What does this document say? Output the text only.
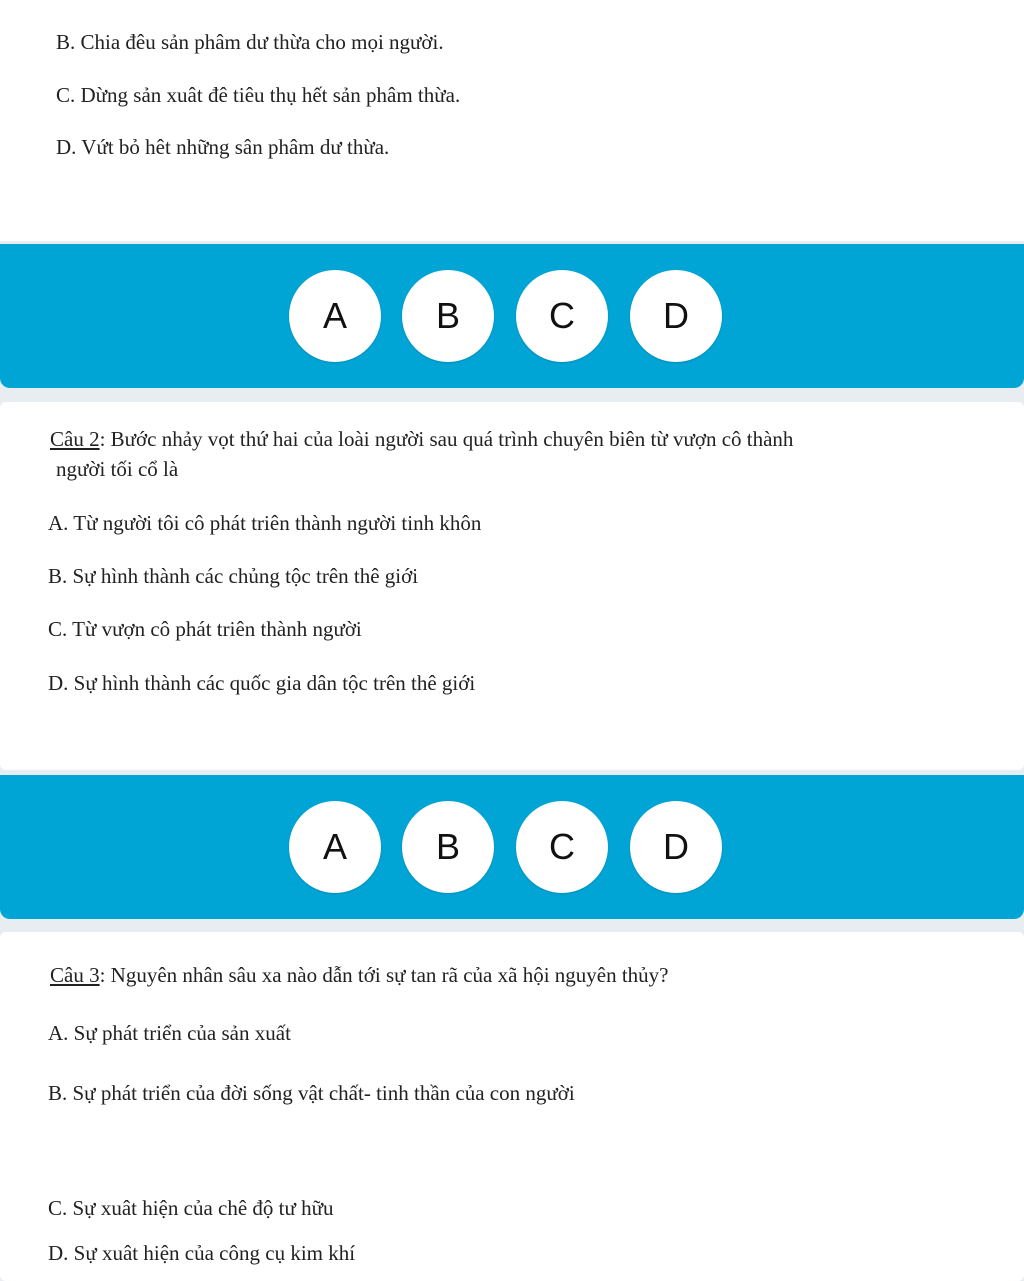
B. Chia đêu sản phâm dư thừa cho mọi người.
C. Dừng sản xuât đê tiêu thụ hết sản phâm thừa.
D. Vứt bỏ hêt những sân phâm dư thừa.
A	B	C	D
Câu 2: Bước nhảy vọt thứ hai của loài người sau quá trình chuyên biên từ vượn cô thành
người tối cổ là
A. Từ người tôi cô phát triên thành người tinh khôn
B. Sự hình thành các chủng tộc trên thê giới
C. Từ vượn cô phát triên thành người
D. Sự hình thành các quốc gia dân tộc trên thê giới
A	B	C	D
Câu 3: Nguyên nhân sâu xa nào dẫn tới sự tan rã của xã hội nguyên thủy?
A. Sự phát triển của sản xuất
B. Sự phát triển của đời sống vật chất- tinh thần của con người
C. Sự xuât hiện của chê độ tư hữu
D. Sự xuât hiện của công cụ kim khí
